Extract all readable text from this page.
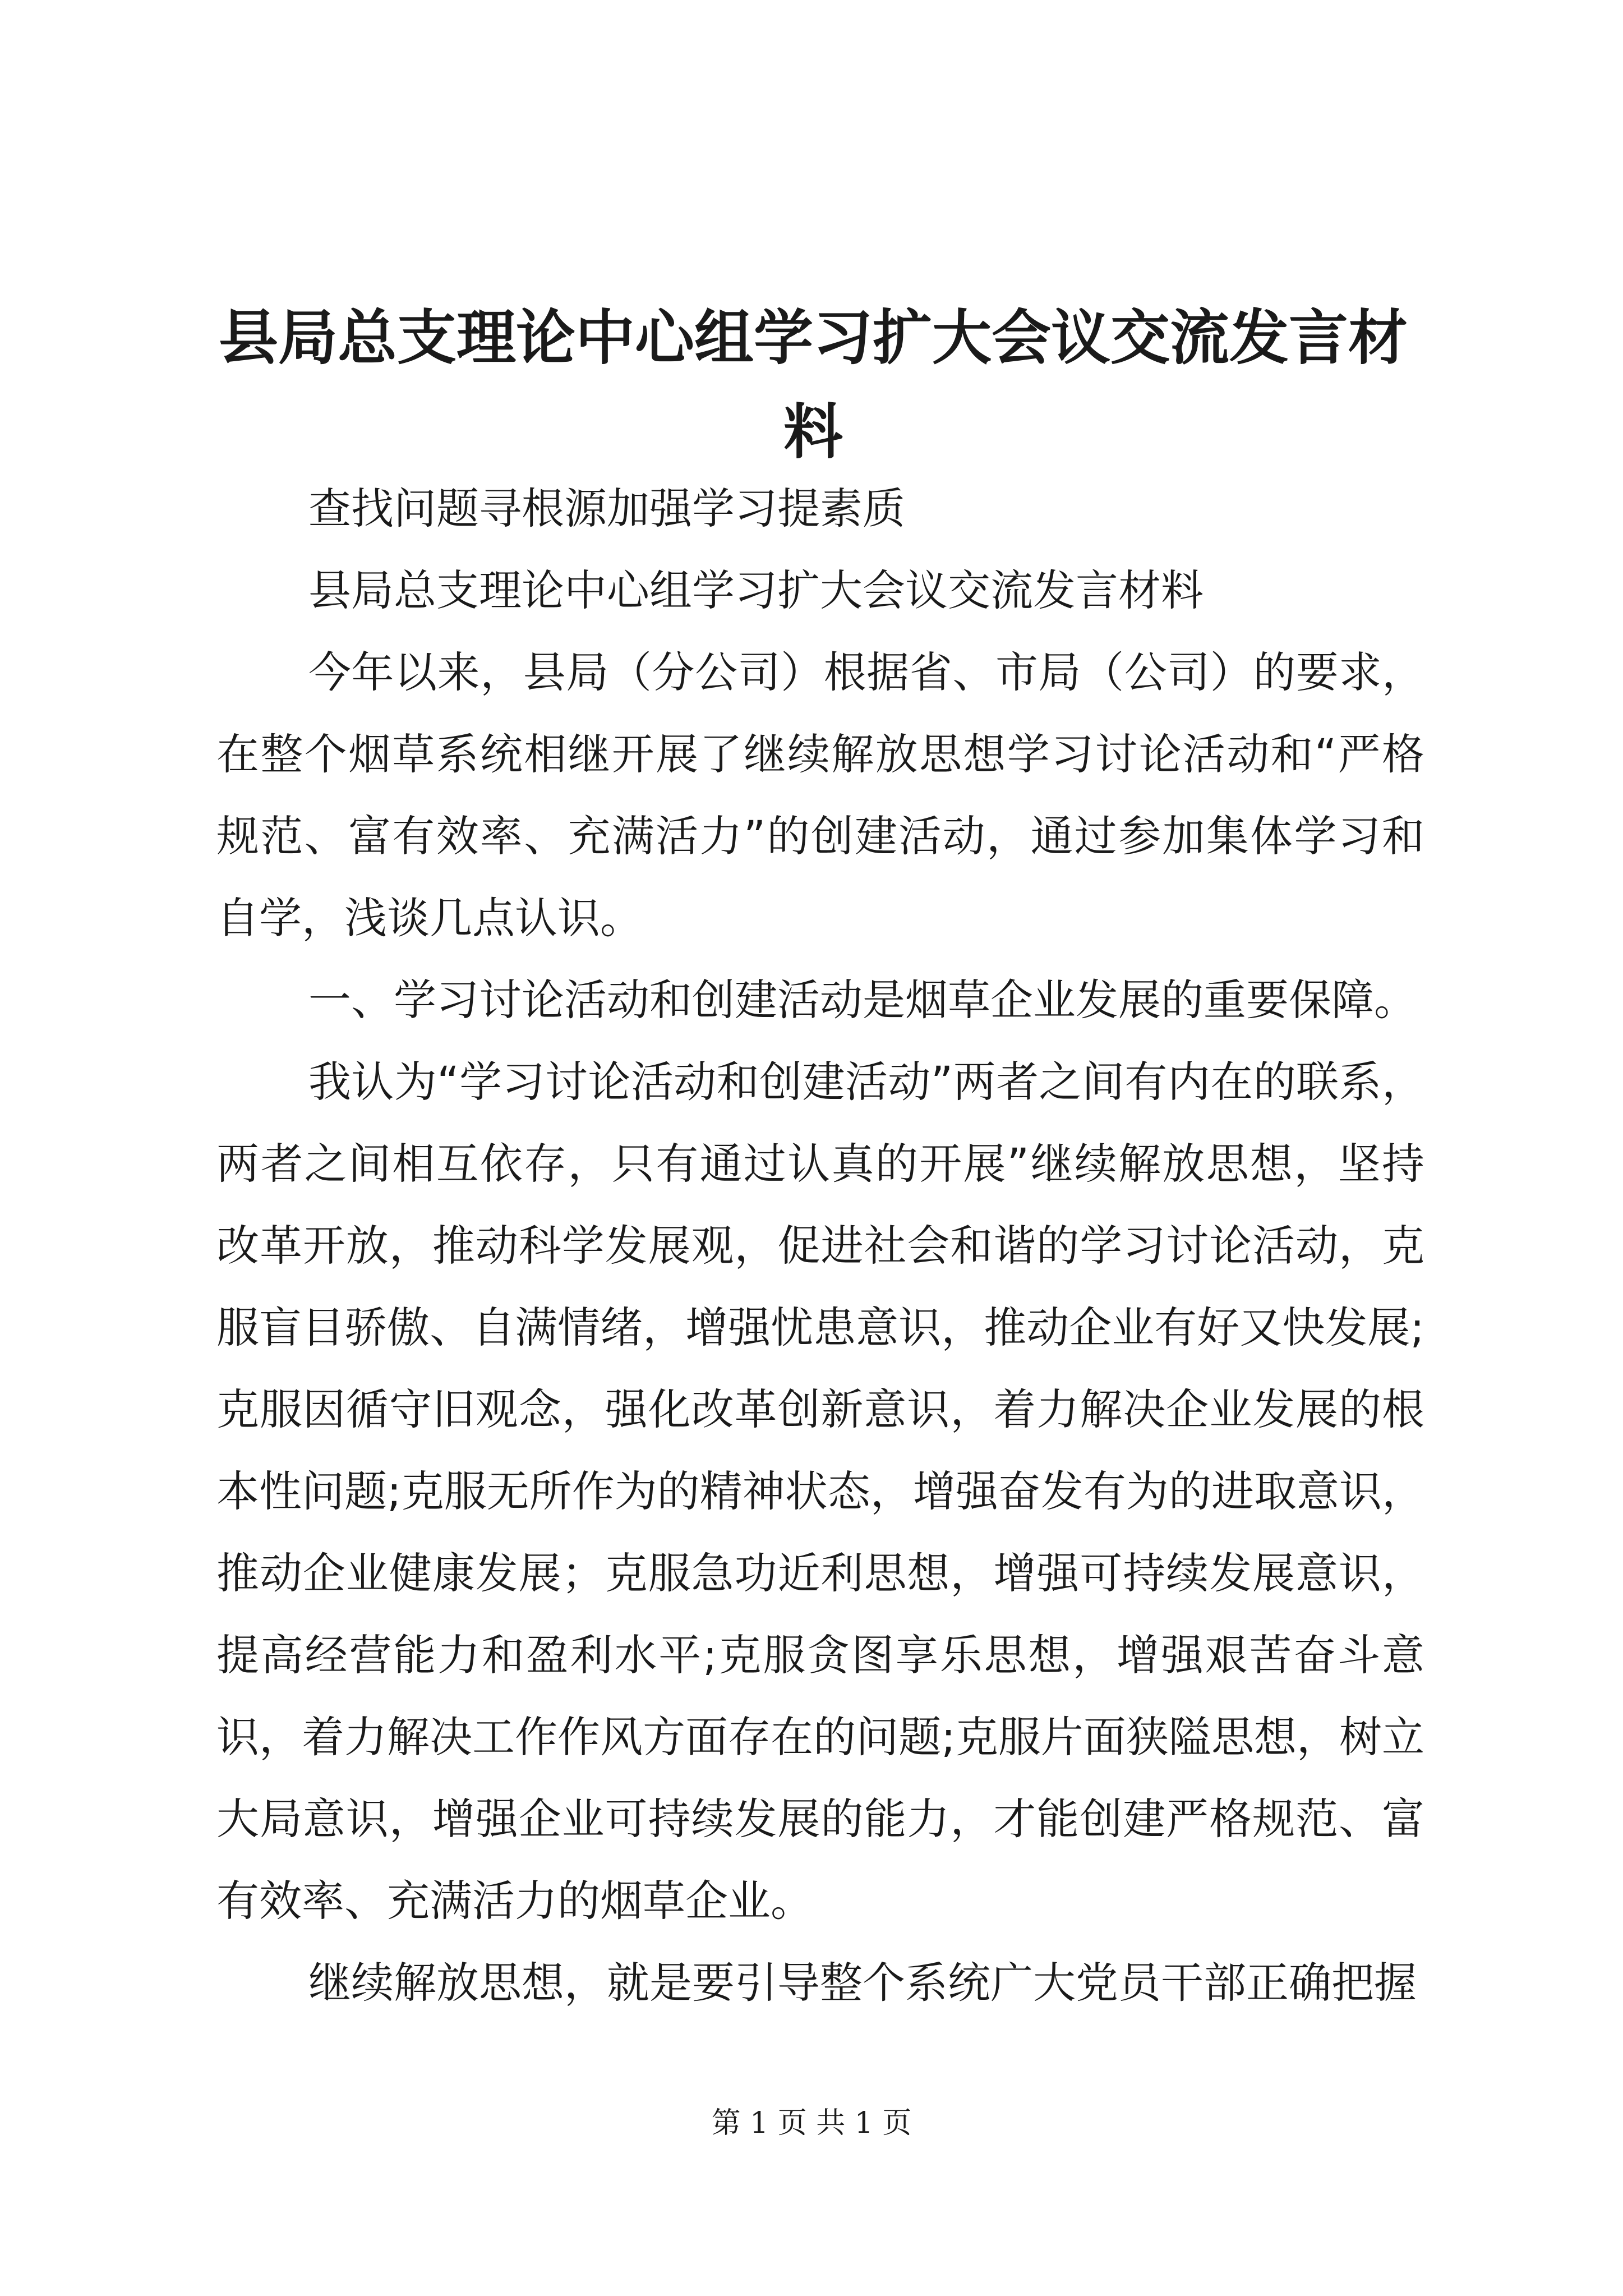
县局总支理论中心组学习扩大会议交流发言材料

查找问题寻根源加强学习提素质

县局总支理论中心组学习扩大会议交流发言材料

今年以来，县局（分公司）根据省、市局（公司）的要求，在整个烟草系统相继开展了继续解放思想学习讨论活动和“严格规范、富有效率、充满活力”的创建活动，通过参加集体学习和自学，浅谈几点认识。

一、学习讨论活动和创建活动是烟草企业发展的重要保障。

我认为“学习讨论活动和创建活动”两者之间有内在的联系，两者之间相互依存，只有通过认真的开展”继续解放思想，坚持改革开放，推动科学发展观，促进社会和谐的学习讨论活动，克服盲目骄傲、自满情绪，增强忧患意识，推动企业有好又快发展;克服因循守旧观念，强化改革创新意识，着力解决企业发展的根本性问题;克服无所作为的精神状态，增强奋发有为的进取意识，推动企业健康发展；克服急功近利思想，增强可持续发展意识，提高经营能力和盈利水平;克服贪图享乐思想，增强艰苦奋斗意识，着力解决工作作风方面存在的问题;克服片面狭隘思想，树立大局意识，增强企业可持续发展的能力，才能创建严格规范、富有效率、充满活力的烟草企业。

继续解放思想，就是要引导整个系统广大党员干部正确把握

第 1 页 共 1 页
